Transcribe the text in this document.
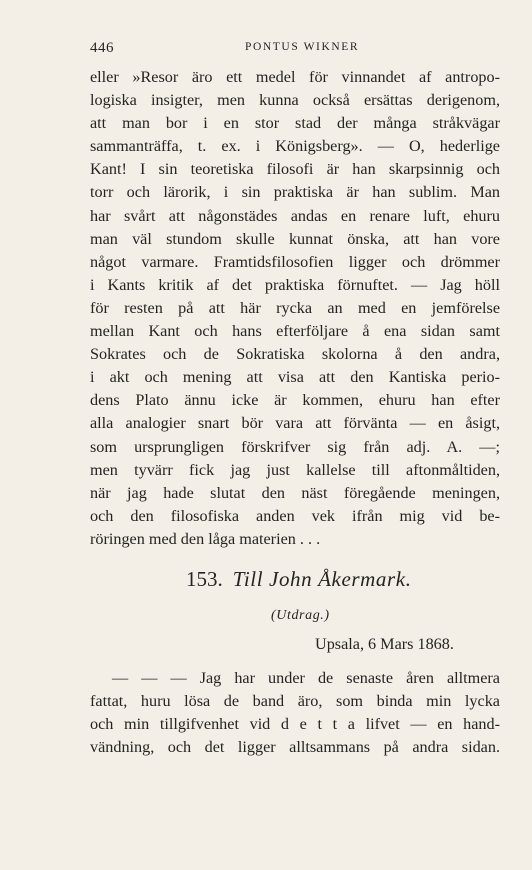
446	PONTUS WIKNER
eller »Resor äro ett medel för vinnandet af antropo-
logiska insigter, men kunna också ersättas derigenom,
att man bor i en stor stad der många stråkvägar
sammanträffa, t. ex. i Königsberg». — O, hederlige
Kant! I sin teoretiska filosofi är han skarpsinnig och
torr och lärorik, i sin praktiska är han sublim. Man
har svårt att någonstädes andas en renare luft, ehuru
man väl stundom skulle kunnat önska, att han vore
något varmare. Framtidsfilosofien ligger och drömmer
i Kants kritik af det praktiska förnuftet. — Jag höll
för resten på att här rycka an med en jemförelse
mellan Kant och hans efterföljare å ena sidan samt
Sokrates och de Sokratiska skolorna å den andra,
i akt och mening att visa att den Kantiska perio-
dens Plato ännu icke är kommen, ehuru han efter
alla analogier snart bör vara att förvänta — en åsigt,
som ursprungligen förskrifver sig från adj. A. —;
men tyvärr fick jag just kallelse till aftonmåltiden,
när jag hade slutat den näst föregående meningen,
och den filosofiska anden vek ifrån mig vid be-
röringen med den låga materien . . .
153. Till John Åkermark.
(Utdrag.)
Upsala, 6 Mars 1868.
— — — Jag har under de senaste åren alltmera
fattat, huru lösa de band äro, som binda min lycka
och min tillgifvenhet vid d e t t a lifvet — en hand-
vändning, och det ligger alltsammans på andra sidan.
